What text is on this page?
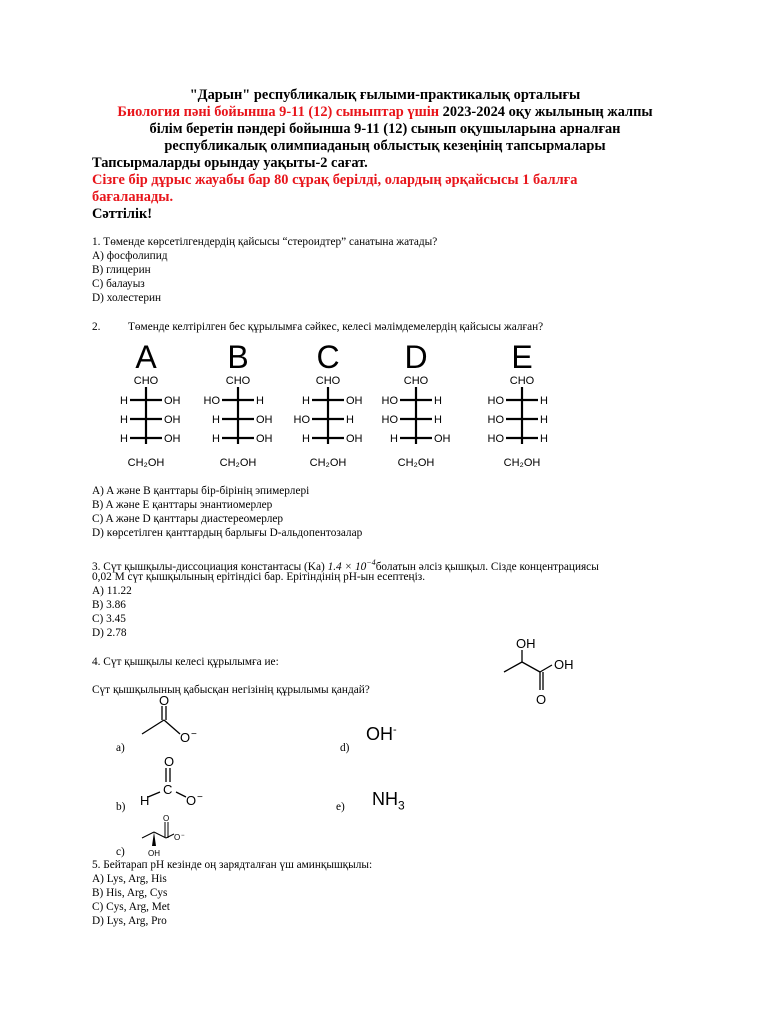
"Дарын" республикалық ғылыми-практикалық орталығы
Биология пәні бойынша 9-11 (12) сыныптар үшін 2023-2024 оқу жылының жалпы
білім беретін пәндері бойынша 9-11 (12) сынып оқушыларына арналған
республикалық олимпиаданың облыстық кезеңінің тапсырмалары
Тапсырмаларды орындау уақыты-2 сағат.
Сізге бір дұрыс жауабы бар 80 сұрақ берілді, олардың әрқайсысы 1 баллға
бағаланады.
Сәттілік!
1. Төменде көрсетілгендердің қайсысы “стероидтер” санатына жатады?
A) фосфолипид
B) глицерин
C) балауыз
D) холестерин
2. Төменде келтірілген бес құрылымға сәйкес, келесі мәлімдемелердің қайсысы жалған?
A
CHO
H	OH
H	OH
H	OH
CH₂OH
B
CHO
HO	H
H	OH
H	OH
CH₂OH
C
CHO
H	OH
HO	H
H	OH
CH₂OH
D
CHO
HO	H
HO	H
H	OH
CH₂OH
E
CHO
HO	H
HO	H
HO	H
CH₂OH
A) A және B қанттары бір-бірінің эпимерлері
B) A және E қанттары энантиомерлер
C) A және D қанттары диастереомерлер
D) көрсетілген қанттардың барлығы D-альдопентозалар
3. Сүт қышқылы-диссоциация константасы (Ka) $1.4 \times 10^{-4}болатын$ әлсіз қышқыл. Сізде концентрациясы
0,02 M сүт қышқылының ерітіндісі бар. Ерітіндінің pH-ын есептеңіз.
A) 11.22
B) 3.86
C) 3.45
D) 2.78
4. Сүт қышқылы келесі құрылымға ие:
OH
OH
O
Сүт қышқылының қабысқан негізінің құрылымы қандай?
O
O −
a)	d)
OH-
O
H
C
O −
b)	e) $NH_3$
O
O −
OH
c)
5. Бейтарап pH кезінде оң зарядталған үш аминқышқылы:
A) Lys, Arg, His
B) His, Arg, Cys
C) Cys, Arg, Met
D) Lys, Arg, Pro
